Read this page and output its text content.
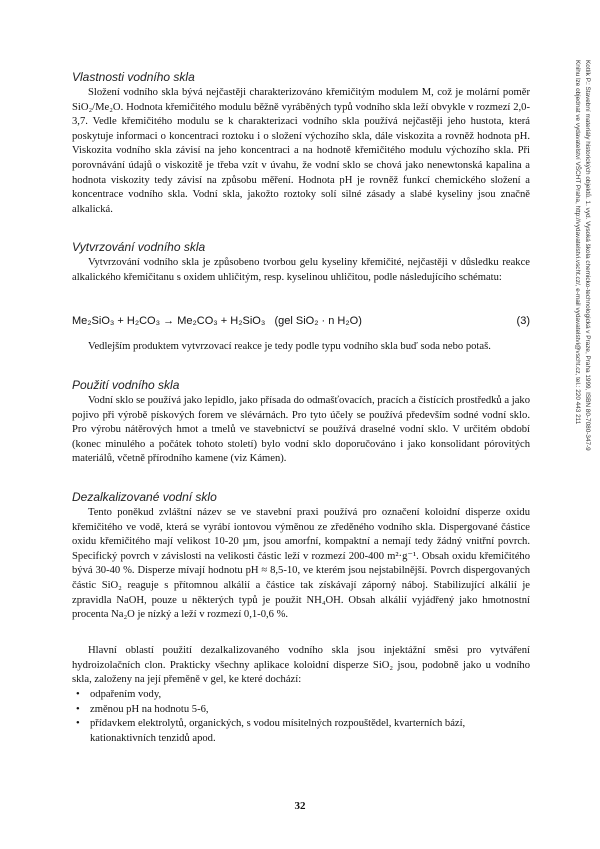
Vlastnosti vodního skla

Složení vodního skla bývá nejčastěji charakterizováno křemičitým modulem M, což je molární poměr SiO₂/Me₂O. Hodnota křemičitého modulu běžně vyráběných typů vodního skla leží obvykle v rozmezí 2,0-3,7. Vedle křemičitého modulu se k charakterizaci vodního skla používá nejčastěji jeho hustota, která poskytuje informaci o koncentraci roztoku i o složení výchozího skla, dále viskozita a rovněž hodnota pH. Viskozita vodního skla závisí na jeho koncentraci a na hodnotě křemičitého modulu výchozího skla. Při porovnávání údajů o viskozitě je třeba vzít v úvahu, že vodní sklo se chová jako nenewtonská kapalina a hodnota viskozity tedy závisí na způsobu měření. Hodnota pH je rovněž funkcí chemického složení a koncentrace vodního skla. Vodní skla, jakožto roztoky solí silné zásady a slabé kyseliny jsou značně alkalická.

Vytvrzování vodního skla

Vytvrzování vodního skla je způsobeno tvorbou gelu kyseliny křemičité, nejčastěji v důsledku reakce alkalického křemičitanu s oxidem uhličitým, resp. kyselinou uhličitou, podle následujícího schématu:

Me₂SiO₃ + H₂CO₃ → Me₂CO₃ + H₂SiO₃   (gel SiO₂ · n H₂O)	(3)

Vedlejším produktem vytvrzovací reakce je tedy podle typu vodního skla buď soda nebo potaš.

Použití vodního skla

Vodní sklo se používá jako lepidlo, jako přísada do odmašťovacích, pracích a čistících prostředků a jako pojivo při výrobě pískových forem ve slévárnách. Pro tyto účely se používá především sodné vodní sklo. Pro výrobu nátěrových hmot a tmelů ve stavebnictví se používá draselné vodní sklo. V určitém období (konec minulého a počátek tohoto století) bylo vodní sklo doporučováno i jako konsolidant pórovitých materiálů, včetně přírodního kamene (viz Kámen).

Dezalkalizované vodní sklo

Tento poněkud zvláštní název se ve stavební praxi používá pro označení koloidní disperze oxidu křemičitého ve vodě, která se vyrábí iontovou výměnou ze zředěného vodního skla. Dispergované částice oxidu křemičitého mají velikost 10-20 µm, jsou amorfní, kompaktní a nemají tedy žádný vnitřní povrch. Specifický povrch v závislosti na velikosti částic leží v rozmezí 200-400 m²·g⁻¹. Obsah oxidu křemičitého bývá 30-40 %. Disperze mívají hodnotu pH ≈ 8,5-10, ve kterém jsou nejstabilnější. Povrch dispergovaných částic SiO₂ reaguje s přítomnou alkálií a částice tak získávají záporný náboj. Stabilizující alkálií je zpravidla NaOH, pouze u některých typů je použit NH₄OH. Obsah alkálií vyjádřený jako hmotnostní procenta Na₂O je nízký a leží v rozmezí 0,1-0,6 %.

Hlavní oblastí použití dezalkalizovaného vodního skla jsou injektážní směsi pro vytváření hydroizolačních clon. Prakticky všechny aplikace koloidní disperze SiO₂ jsou, podobně jako u vodního skla, založeny na její přeměně v gel, ke které dochází:

• odpařením vody,
• změnou pH na hodnotu 5-6,
• přídavkem elektrolytů, organických, s vodou mísitelných rozpouštědel, kvarterních bází, kationaktivních tenzidů apod.
32
Kotlík P.: Stavební materiály historických objektů. 1. vyd. Vysoká škola chemicko-technologická v Praze, Praha 1999, ISBN 80-7080-347-9
Knihu lze objednat ve vydavatelství VŠCHT Praha, http://vydavatelstvi.vscht.cz/, e-mail vydavatelstvi@vscht.cz, tel.: 220 443 211
